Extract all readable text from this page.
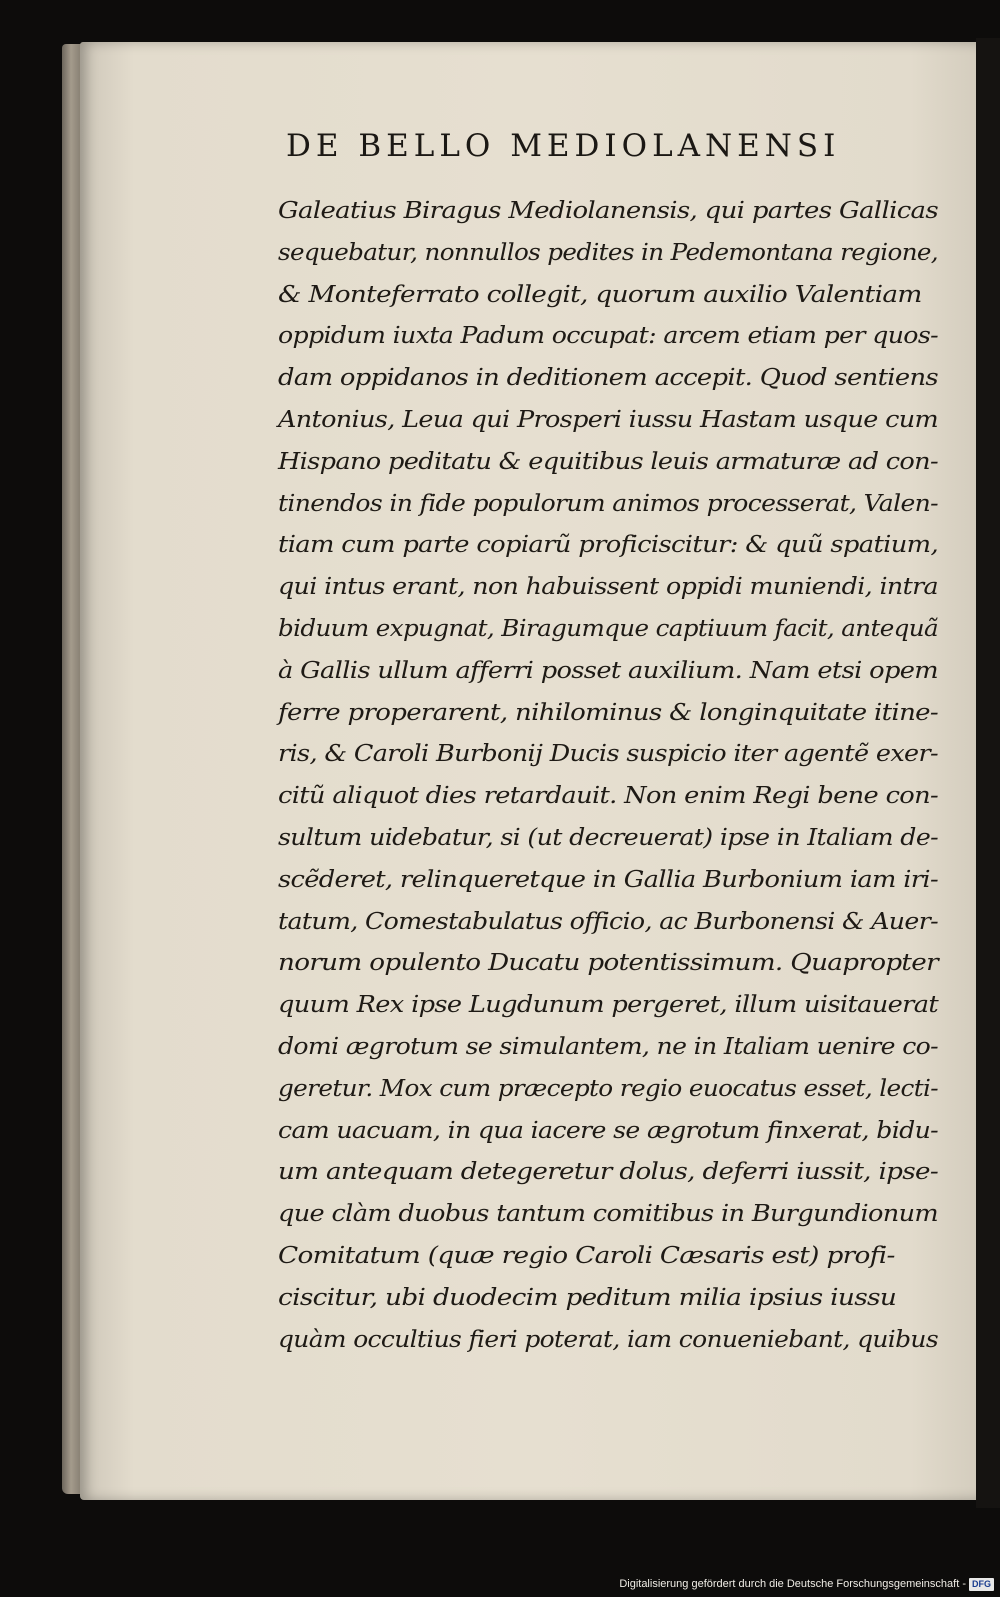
DE BELLO MEDIOLANENSI
Galeatius Biragus Mediolanensis, qui partes Gallicas
sequebatur, nonnullos pedites in Pedemontana regione,
& Monteferrato collegit, quorum auxilio Valentiam
oppidum iuxta Padum occupat: arcem etiam per quos-
dam oppidanos in deditionem accepit. Quod sentiens
Antonius, Leua qui Prosperi iussu Hastam usque cum
Hispano peditatu & equitibus leuis armaturæ ad con-
tinendos in fide populorum animos processerat, Valen-
tiam cum parte copiarũ proficiscitur: & quũ spatium,
qui intus erant, non habuissent oppidi muniendi, intra
biduum expugnat, Biragumque captiuum facit, antequã
à Gallis ullum afferri posset auxilium. Nam etsi opem
ferre properarent, nihilominus & longinquitate itine-
ris, & Caroli Burbonij Ducis suspicio iter agentẽ exer-
citũ aliquot dies retardauit. Non enim Regi bene con-
sultum uidebatur, si (ut decreuerat) ipse in Italiam de-
scẽderet, relinqueretque in Gallia Burbonium iam iri-
tatum, Comestabulatus officio, ac Burbonensi & Auer-
norum opulento Ducatu potentissimum. Quapropter
quum Rex ipse Lugdunum pergeret, illum uisitauerat
domi ægrotum se simulantem, ne in Italiam uenire co-
geretur. Mox cum præcepto regio euocatus esset, lecti-
cam uacuam, in qua iacere se ægrotum finxerat, bidu-
um antequam detegeretur dolus, deferri iussit, ipse-
que clàm duobus tantum comitibus in Burgundionum
Comitatum (quæ regio Caroli Cæsaris est) profi-
ciscitur, ubi duodecim peditum milia ipsius iussu
quàm occultius fieri poterat, iam conueniebant, quibus
Digitalisierung gefördert durch die Deutsche Forschungsgemeinschaft - DFG
